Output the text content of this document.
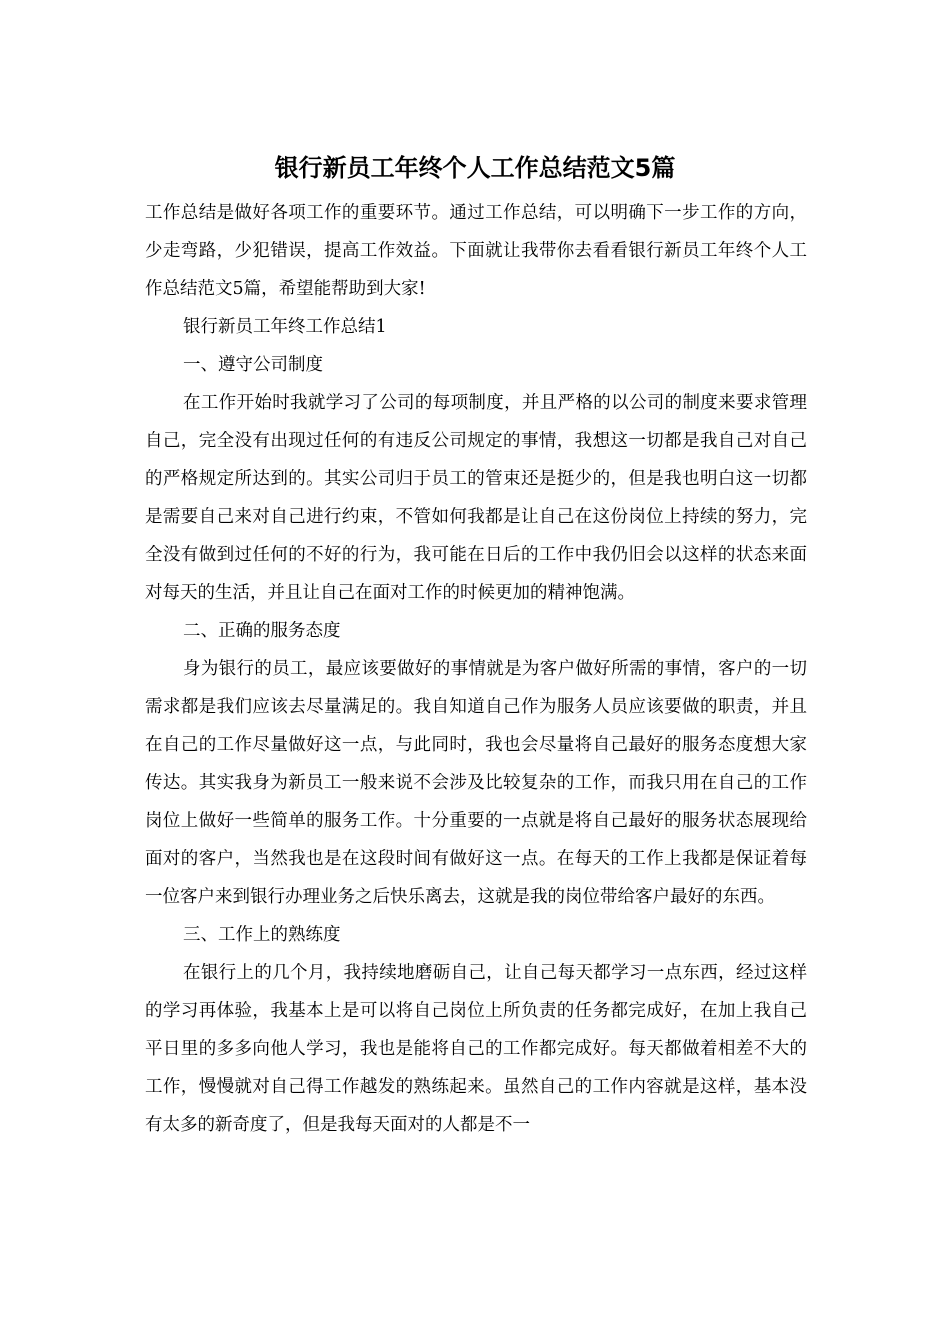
银行新员工年终个人工作总结范文5篇

工作总结是做好各项工作的重要环节。通过工作总结，可以明确下一步工作的方向，少走弯路，少犯错误，提高工作效益。下面就让我带你去看看银行新员工年终个人工作总结范文5篇，希望能帮助到大家!

银行新员工年终工作总结1

一、遵守公司制度

在工作开始时我就学习了公司的每项制度，并且严格的以公司的制度来要求管理自己，完全没有出现过任何的有违反公司规定的事情，我想这一切都是我自己对自己的严格规定所达到的。其实公司归于员工的管束还是挺少的，但是我也明白这一切都是需要自己来对自己进行约束，不管如何我都是让自己在这份岗位上持续的努力，完全没有做到过任何的不好的行为，我可能在日后的工作中我仍旧会以这样的状态来面对每天的生活，并且让自己在面对工作的时候更加的精神饱满。

二、正确的服务态度

身为银行的员工，最应该要做好的事情就是为客户做好所需的事情，客户的一切需求都是我们应该去尽量满足的。我自知道自己作为服务人员应该要做的职责，并且在自己的工作尽量做好这一点，与此同时，我也会尽量将自己最好的服务态度想大家传达。其实我身为新员工一般来说不会涉及比较复杂的工作，而我只用在自己的工作岗位上做好一些简单的服务工作。十分重要的一点就是将自己最好的服务状态展现给面对的客户，当然我也是在这段时间有做好这一点。在每天的工作上我都是保证着每一位客户来到银行办理业务之后快乐离去，这就是我的岗位带给客户最好的东西。

三、工作上的熟练度

在银行上的几个月，我持续地磨砺自己，让自己每天都学习一点东西，经过这样的学习再体验，我基本上是可以将自己岗位上所负责的任务都完成好，在加上我自己平日里的多多向他人学习，我也是能将自己的工作都完成好。每天都做着相差不大的工作，慢慢就对自己得工作越发的熟练起来。虽然自己的工作内容就是这样，基本没有太多的新奇度了，但是我每天面对的人都是不一
